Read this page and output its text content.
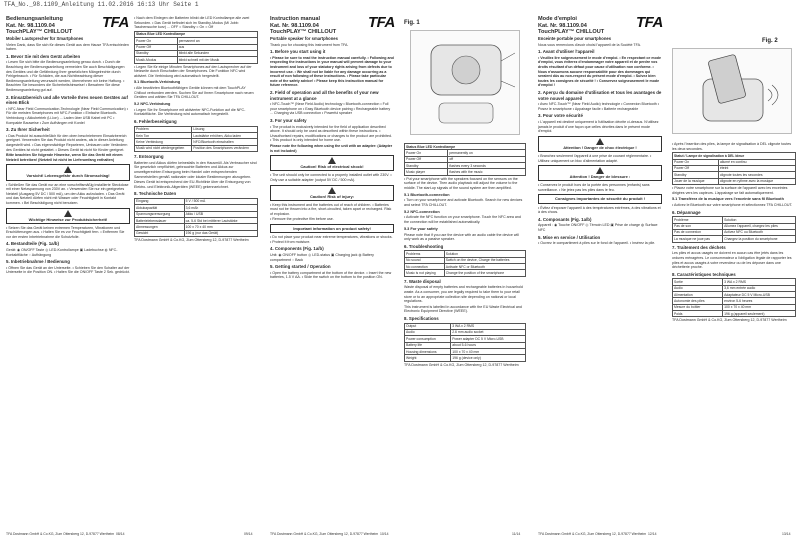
TFA_No._98.1109_Anleitung 11.02.2016 16:13 Uhr Seite 1
Bedienungsanleitung
Kat. Nr. 98.1109.04
TouchPLAY™ CHILLOUT
Mobiler Lautsprecher für Smartphones

Vielen Dank, dass Sie sich für dieses Gerät aus dem Hause TFA entschieden haben.

1. Bevor Sie mit dem Gerät arbeiten

• Lesen Sie sich bitte die Bedienungsanleitung genau durch. • Durch die Beachtung der Bedienungsanleitung vermeiden Sie auch Beschädigungen des Gerätes und die Gefährdung Ihrer gesetzlichen Mängelrechte durch Fehlgebrauch. • Für Schäden, die aus Nichtbeachtung dieser Bedienungsanleitung verursacht werden, übernehmen wir keine Haftung. • Beachten Sie besonders die Sicherheitshinweise! • Bewahren Sie diese Bedienungsanleitung gut auf.

2. Einsatzbereich und alle Vorteile Ihres neuen Gerätes auf einen Blick

• NFC-Near Field Communication-Technologie (Near Field Communication) • Für die meisten Smartphones mit NFC-Funktion • Einfache Bluetooth-Verbindung • Akkubetrieb (Li-Ion) ... Laden über USB Kabel mit PC • Kompakte Bauweise • Zum Aufhängen mit Kordel

3. Zu Ihrer Sicherheit

• Das Produkt ist ausschließlich für den oben beschriebenen Einsatzbereich geeignet. Verwenden Sie das Produkt nicht anders, als in dieser Anleitung dargestellt wird. • Das eigenmächtige Reparieren, Umbauen oder Verändern des Gerätes ist nicht gestattet. • Dieses Gerät ist nicht für Kinder geeignet.

Bitte beachten Sie folgende Hinweise, wenn Sie das Gerät mit einem Netzteil betreiben! (Netzteil ist nicht im Lieferumfang enthalten)

Vorsicht! Lebensgefahr durch Stromschlag!

• Schließen Sie das Gerät nur an eine vorschriftsmäßig installierte Steckdose mit einer Netzspannung von 230V an. • Verwenden Sie nur ein geeignetes Netzteil (Ausgang 5V DC / 500 mA), um den Akku aufzuladen. • Das Gerät und das Netzteil dürfen nicht mit Wasser oder Feuchtigkeit in Kontakt kommen. • Bei Beschädigung nicht benutzen.

Wichtige Hinweise zur Produktsicherheit!

• Setzen Sie das Gerät keinen extremen Temperaturen, Vibrationen und Erschütterungen aus. • Halten Sie es vor Feuchtigkeit fern. • Entfernen Sie vor der ersten Inbetriebnahme die Schutzfolie.

4. Bestandteile (Fig. 1a/b)

Gerät: ◉ ON/OFF Taste ◎ LED-Kontrollampe ▣ Ladebuchse ◍ NFC-Kontaktfläche ◌ Aufhängung

5. Inbetriebnahme / Bedienung

• Öffnen Sie das Gerät an der Unterseite. • Schieben Sie den Schalter auf der Unterseite in die Position ON. • Halten Sie die ON/OFF Taste 2 Sek. gedrückt.

TFA
TFA Dostmann GmbH & Co.KG, Zum Ottersberg 12, D-97877 Wertheim

• Nach dem Einlegen der Batterien blinkt die LED Kontrollampe alle zwei Sekunden. • Das Gerät befindet sich im Standby-Modus (Mi Jobb: Taschensuche kurz) ... OFF = Standby = On = Off

Status Blue LED Kontrollampe	
Power On	permanent an
Power Off	aus
Standby	blinkt alle Sekunden
Musik-Modus	blinkt schnell mit der Musik

• Legen Sie für einige Minuten Smartphones auf den Lautsprecher auf der Netzseite durch Einschalten der Smartphones. Die Funktion NFC wird aktiviert. Die Verbindung wird automatisch hergestellt.

5.1 Bluetooth-Verbindung

• Alle bewährten Bluetoothfähigen Geräte können mit dem TouchPLAY Chillout verbunden werden. Suchen Sie auf Ihrem Smartphone nach neuen Geräten und wählen Sie TFA CHILLOUT.

5.2 NFC-Verbindung

• Legen Sie Ihr Smartphone mit aktivierter NFC-Funktion auf die NFC-Kontaktfläche. Die Verbindung wird automatisch hergestellt.

6. Fehlerbeseitigung
Problem	Lösung
Kein Ton	Lautstärke erhöhen, Akku laden
Keine Verbindung	NFC/Bluetooth einschalten
Musik wird nicht wiedergegeben	Position des Smartphones verändern
7. Entsorgung

Batterien und Akkus dürfen keinesfalls in den Hausmüll. Als Verbraucher sind Sie gesetzlich verpflichtet, gebrauchte Batterien und Akkus zur umweltgerechten Entsorgung beim Handel oder entsprechenden Sammelstellen gemäß nationaler oder lokaler Bestimmungen abzugeben.

Dieses Gerät ist entsprechend der EU-Richtlinie über die Entsorgung von Elektro- und Elektronik-Altgeräten (WEEE) gekennzeichnet.

8. Technische Daten
Eingang	5 V / 500 mA
Akkukapazität	3,6 mAh
Spannungsversorgung	Akku / USB
Batterielebensdauer	ca. 5-6 Std bei mittlerer Lautstärke
Abmessungen	100 x 70 x 40 mm
Gewicht	196 g (nur das Gerät)

TFA Dostmann GmbH & Co.KG, Zum Ottersberg 12, D-97877 Wertheim

Instruction manual
Kat. Nr. 98.1109.04
TouchPLAY™ CHILLOUT
Portable speaker for smartphones

Thank you for choosing this instrument from TFA.

1. Before you start using it

• Please be sure to read the instruction manual carefully. • Following and respecting the instructions in your manual will prevent damage to your instrument and loss of your statutory rights arising from defects due to incorrect use. • We shall not be liable for any damage occurring as a result of non following of these instructions. • Please take particular note of the safety advice! • Please keep this instruction manual for future reference.

2. Field of operation and all the benefits of your new instrument at a glance

• NFC-Touch™ (Near Field Audio) technology • Bluetooth-connection • Full your smartphone on • Easy Bluetooth device pairing • Rechargeable battery ... Charging via USB connection • Powerful speaker

3. For your safety

• The product is exclusively intended for the field of application described above. It should only be used as described within these instructions. • Unauthorised repairs, modifications or changes to the product are prohibited. • This product is only intended for home use.

Please note the following when using the unit with an adapter: (Adapter is not included)

Caution! Risk of electrical shock!

• The unit should only be connected to a properly installed outlet with 230V. • Only use a suitable adapter (output 5V DC / 500 mA).

Caution! Risk of injury:

• Keep this instrument and the batteries out of reach of children. • Batteries must not be thrown into a fire, short-circuited, taken apart or recharged. Risk of explosion.

• Remove the protective film before use.

Important information on product safety!

• Do not place your product near extreme temperatures, vibrations or shocks. • Protect it from moisture.

4. Components (Fig. 1a/b)

Unit: ◉ ON/OFF button ◎ LED-status ▣ Charging jack ◍ Battery compartment ◌ Back

5. Getting started / Operation

• Open the battery compartment at the bottom of the device. • Insert the new batteries, 1.5 V AA. • Slide the switch on the bottom to the position ON.

TFA
TFA Dostmann GmbH & Co.KG, Zum Ottersberg 12, D-97877 Wertheim
Fig. 1
Status Blue LED Kontrollampe	
Power On	permanently on
Power Off	off
Standby	flashes every 3 seconds
Music player	flashes with the music

• Put your smartphone with the speakers focused on the sensors on the surface of the device. Then audio playback will adjust the volume to the middle. The start-up signals of the sound system are then amplified.

5.1 Bluetooth-connection

• Turn on your smartphone and activate Bluetooth. Search for new devices and select TFA CHILLOUT.

5.2 NFC-connection

• Activate the NFC function on your smartphone. Touch the NFC area and the connection will be established automatically.

5.3 For your safety

Please note that if you use the device with an audio cable the device will only work as a passive speaker.

6. Troubleshooting
Problems	Solution
No sound	Switch on the device, Charge the batteries
No connection	Activate NFC or Bluetooth
Music is not playing	Change the position of the smartphone
7. Waste disposal

Waste disposal of empty batteries and rechargeable batteries in household waste. As a consumer, you are legally required to take them to your retail store or to an appropriate collection site depending on national or local regulations.

This instrument is labelled in accordance with the EU Waste Electrical and Electronic Equipment Directive (WEEE).

8. Specifications
Output	3 WA x 2 RMS
Audio	2.6 mm audio socket
Power consumption	Power adapter DC 5 V Micro-USB
Battery life	about 5-6 hours
Housing dimensions	100 x 70 x 40 mm
Weight	196 g (device only)

TFA Dostmann GmbH & Co.KG, Zum Ottersberg 12, D-97877 Wertheim

Mode d'emploi
Kat. Nr. 98.1109.04
TouchPLAY™ CHILLOUT
Enceinte portable pour smartphones

Nous vous remercions d'avoir choisi l'appareil de la Société TFA.

1. Avant d'utiliser l'appareil

• Veuillez lire soigneusement le mode d'emploi. • En respectant ce mode d'emploi, vous éviterez d'endommager votre appareil et de perdre vos droits résultant d'un défaut pour cause d'utilisation non conforme. • Nous n'assumons aucune responsabilité pour des dommages qui seraient dûs au non-respect du présent mode d'emploi. • Suivez bien toutes les consignes de sécurité ! • Conservez soigneusement le mode d'emploi !

2. Aperçu du domaine d'utilisation et tous les avantages de votre nouvel appareil

• Avec NFC-Touch™ (Near Field Audio) technologie • Connexion Bluetooth • Posez le smartphone • Appairage facile • Batterie rechargeable

3. Pour votre sécurité

• L'appareil est destiné uniquement à l'utilisation décrite ci-dessus. N'utilisez jamais le produit d'une façon que celles décrites dans le présent mode d'emploi.

Attention ! Danger de choc électrique !

• Branchez seulement l'appareil à une prise de courant réglementaire. • Utilisez uniquement un bloc d'alimentation adapté.

Attention ! Danger de blessure :

• Conservez le produit hors de la portée des personnes (enfants) sans surveillance. • Ne jetez pas les piles dans le feu.

Consignes importantes de sécurité du produit !

• Évitez d'exposer l'appareil à des températures extrêmes, à des vibrations et à des chocs.

4. Composants (Fig. 1a/b)

Appareil : ◉ Touche ON/OFF ◎ Témoin LED ▣ Prise de charge ◍ Surface NFC

5. Mise en service / Utilisation

• Ouvrez le compartiment à piles sur le fond de l'appareil. • Insérez la pile.

TFA
TFA Dostmann GmbH & Co.KG, Zum Ottersberg 12, D-97877 Wertheim
Fig. 2

• Après l'insertion des piles, la lampe de signalisation à DEL clignote toutes les deux secondes.

Statut / Lampe de signalisation à DEL bleue	
Power On	allumé en continu
Power Off	éteint
Standby	clignote toutes les secondes
Jouer de la musique	clignote en rythme avec la musique

• Placez votre smartphone sur la surface de l'appareil avec les enceintes dirigées vers les capteurs. L'appairage se fait automatiquement.

5.1 Transférez de la musique vers l'enceinte sans fil Bluetooth

• Activez le Bluetooth sur votre smartphone et sélectionnez TFA CHILLOUT.

6. Dépannage
Problème	Solution
Pas de son	Allumez l'appareil, chargez les piles
Pas de connexion	Activez NFC ou Bluetooth
La musique ne joue pas	Changez la position du smartphone
7. Traitement des déchets

Les piles et accus usagés ne doivent en aucun cas être jetés dans les ordures ménagères. Le consommateur a l'obligation légale de rapporter les piles et accus usagés à votre revendeur ou de les déposer dans une déchetterie proche.

8. Caractéristiques techniques
Sortie	3 WA x 2 RMS
Audio	3,6 mm entrée audio
Alimentation	Adaptateur DC 5 V Micro-USB
Autonomie des piles	environ 5-6 heures
Mesure du boîtier	100 x 70 x 40 mm
Poids	196 g (appareil seulement)

TFA Dostmann GmbH & Co.KG, Zum Ottersberg 12, D-97877 Wertheim

08/14	09/14	10/14	11/14	12/14	13/14
